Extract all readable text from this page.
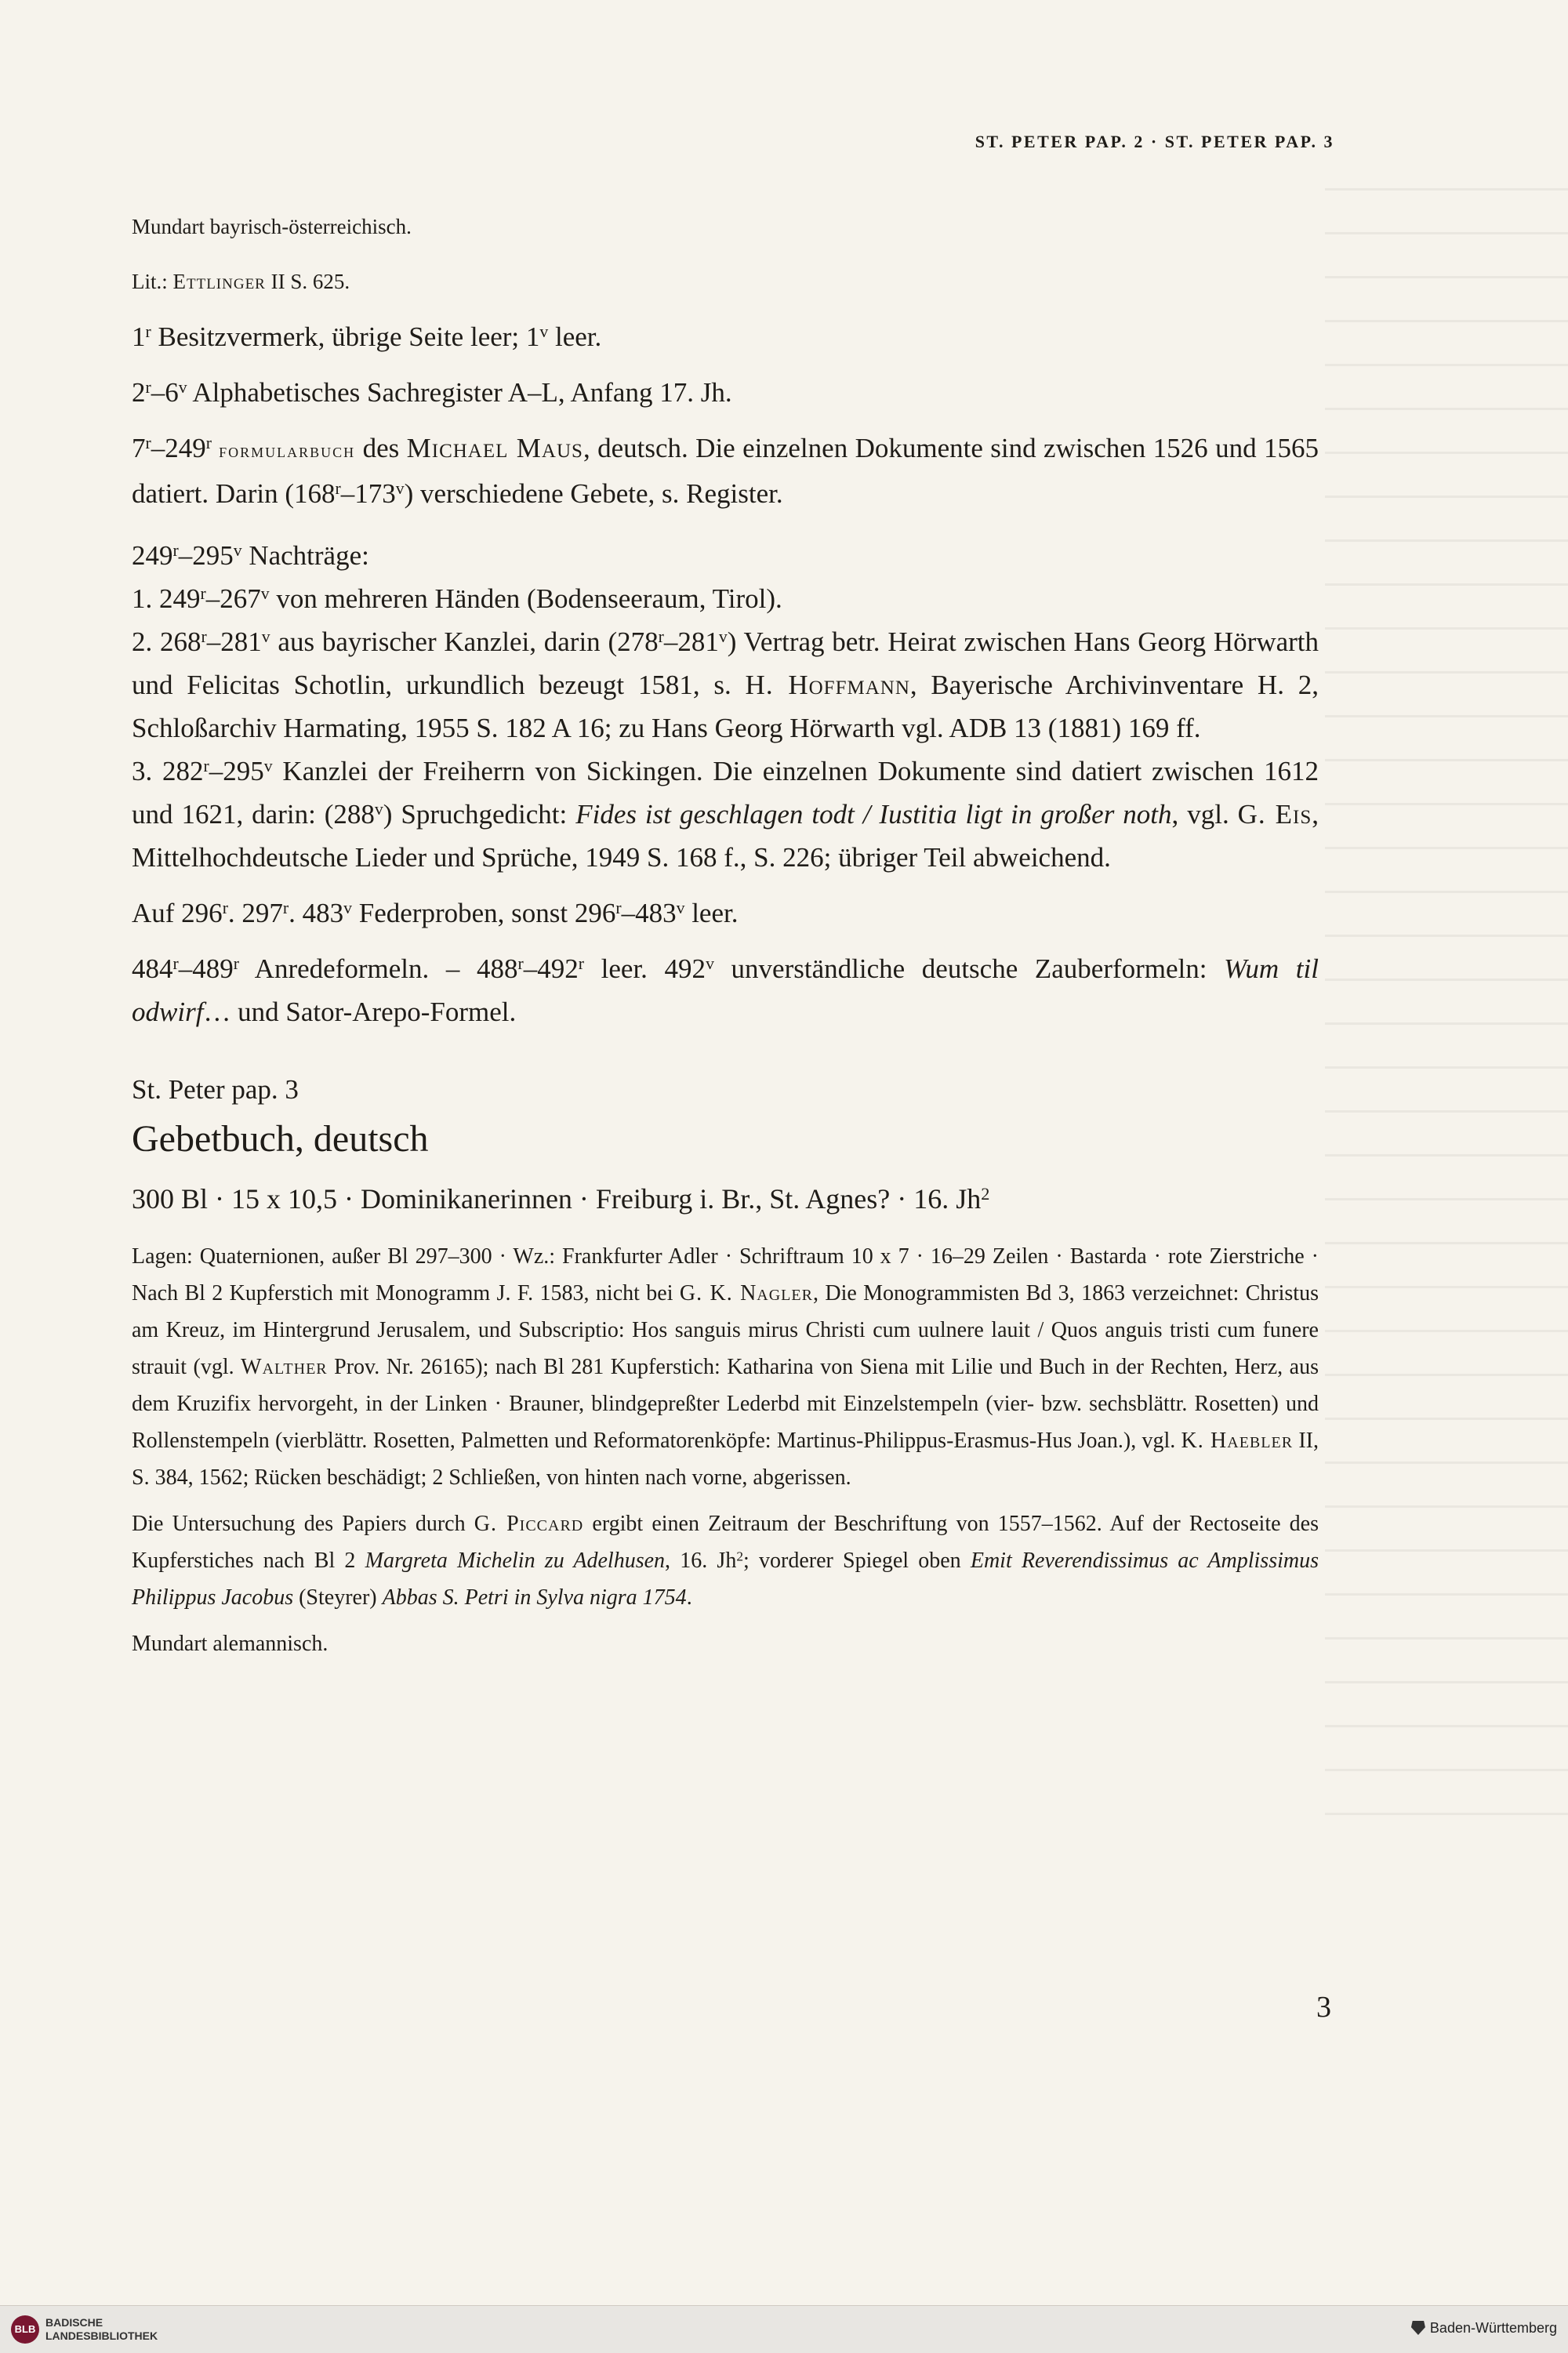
ST. PETER PAP. 2 · ST. PETER PAP. 3

Mundart bayrisch-österreichisch.

Lit.: Ettlinger II S. 625.

1$^r$ Besitzvermerk, übrige Seite leer; 1$^v$ leer.

2$^r$–6$^v$ Alphabetisches Sachregister A–L, Anfang 17. Jh.

7$^r$–249$^r$ formularbuch des Michael Maus, deutsch. Die einzelnen Dokumente sind zwischen 1526 und 1565 datiert. Darin (168$^r$–173$^v$) verschiedene Gebete, s. Register.

249$^r$–295$^v$ Nachträge:

1. 249$^r$–267$^v$ von mehreren Händen (Bodenseeraum, Tirol).

2. 268$^r$–281$^v$ aus bayrischer Kanzlei, darin (278$^r$–281$^v$) Vertrag betr. Heirat zwischen Hans Georg Hörwarth und Felicitas Schotlin, urkundlich bezeugt 1581, s. H. Hoffmann, Bayerische Archivinventare H. 2, Schloßarchiv Harmating, 1955 S. 182 A 16; zu Hans Georg Hörwarth vgl. ADB 13 (1881) 169 ff.

3. 282$^r$–295$^v$ Kanzlei der Freiherrn von Sickingen. Die einzelnen Dokumente sind datiert zwischen 1612 und 1621, darin: (288$^v$) Spruchgedicht: Fides ist geschlagen todt / Iustitia ligt in großer noth, vgl. G. Eis, Mittelhochdeutsche Lieder und Sprüche, 1949 S. 168 f., S. 226; übriger Teil abweichend.

Auf 296$^r$. 297$^r$. 483$^v$ Federproben, sonst 296$^r$–483$^v$ leer.

484$^r$–489$^r$ Anredeformeln. – 488$^r$–492$^r$ leer. 492$^v$ unverständliche deutsche Zauberformeln: Wum til odwirf… und Sator-Arepo-Formel.

St. Peter pap. 3

Gebetbuch, deutsch

300 Bl · 15 x 10,5 · Dominikanerinnen · Freiburg i. Br., St. Agnes? · 16. Jh$^2$

Lagen: Quaternionen, außer Bl 297–300 · Wz.: Frankfurter Adler · Schriftraum 10 x 7 · 16–29 Zeilen · Bastarda · rote Zierstriche · Nach Bl 2 Kupferstich mit Monogramm J. F. 1583, nicht bei G. K. Nagler, Die Monogrammisten Bd 3, 1863 verzeichnet: Christus am Kreuz, im Hintergrund Jerusalem, und Subscriptio: Hos sanguis mirus Christi cum uulnere lauit / Quos anguis tristi cum funere strauit (vgl. Walther Prov. Nr. 26165); nach Bl 281 Kupferstich: Katharina von Siena mit Lilie und Buch in der Rechten, Herz, aus dem Kruzifix hervorgeht, in der Linken · Brauner, blindgepreßter Lederbd mit Einzelstempeln (vier- bzw. sechsblättr. Rosetten) und Rollenstempeln (vierblättr. Rosetten, Palmetten und Reformatorenköpfe: Martinus-Philippus-Erasmus-Hus Joan.), vgl. K. Haebler II, S. 384, 1562; Rücken beschädigt; 2 Schließen, von hinten nach vorne, abgerissen.

Die Untersuchung des Papiers durch G. Piccard ergibt einen Zeitraum der Beschriftung von 1557–1562. Auf der Rectoseite des Kupferstiches nach Bl 2 Margreta Michelin zu Adelhusen, 16. Jh$^2$; vorderer Spiegel oben Emit Reverendissimus ac Amplissimus Philippus Jacobus (Steyrer) Abbas S. Petri in Sylva nigra 1754.

Mundart alemannisch.

3
BLB
BADISCHE
LANDESBIBLIOTHEK	Baden-Württemberg
